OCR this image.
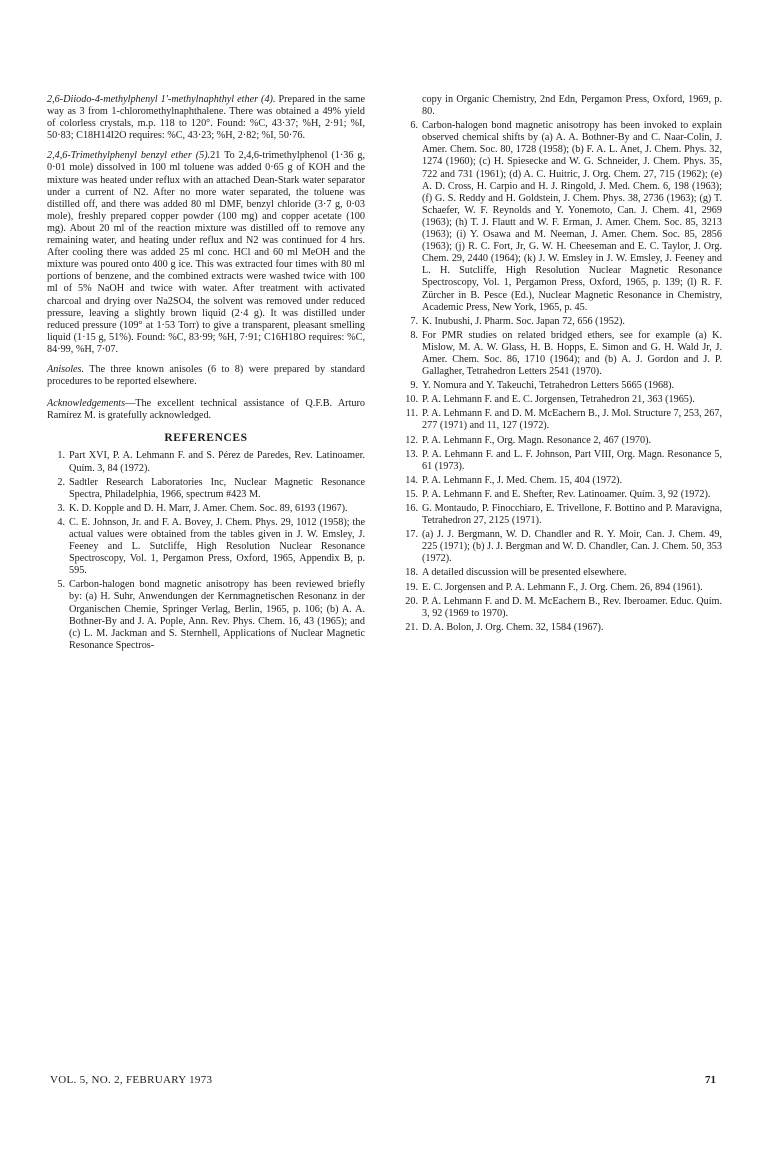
2,6-Diiodo-4-methylphenyl 1′-methylnaphthyl ether (4). Prepared in the same way as 3 from 1-chloromethylnaphthalene. There was obtained a 49% yield of colorless crystals, m.p. 118 to 120°. Found: %C, 43·37; %H, 2·91; %I, 50·83; C18H14I2O requires: %C, 43·23; %H, 2·82; %I, 50·76.

2,4,6-Trimethylphenyl benzyl ether (5).21 To 2,4,6-trimethylphenol (1·36 g, 0·01 mole) dissolved in 100 ml toluene was added 0·65 g of KOH and the mixture was heated under reflux with an attached Dean-Stark water separator under a current of N2. After no more water separated, the toluene was distilled off, and there was added 80 ml DMF, benzyl chloride (3·7 g, 0·03 mole), freshly prepared copper powder (100 mg) and copper acetate (100 mg). About 20 ml of the reaction mixture was distilled off to remove any remaining water, and heating under reflux and N2 was continued for 4 hrs. After cooling there was added 25 ml conc. HCl and 60 ml MeOH and the mixture was poured onto 400 g ice. This was extracted four times with 80 ml portions of benzene, and the combined extracts were washed twice with 100 ml of 5% NaOH and twice with water. After treatment with activated charcoal and drying over Na2SO4, the solvent was removed under reduced pressure, leaving a slightly brown liquid (2·4 g). It was distilled under reduced pressure (109° at 1·53 Torr) to give a transparent, pleasant smelling liquid (1·15 g, 51%). Found: %C, 83·99; %H, 7·91; C16H18O requires: %C, 84·99, %H, 7·07.

Anisoles. The three known anisoles (6 to 8) were prepared by standard procedures to be reported elsewhere.

Acknowledgements—The excellent technical assistance of Q.F.B. Arturo Ramírez M. is gratefully acknowledged.

REFERENCES
1. Part XVI, P. A. Lehmann F. and S. Pérez de Paredes, Rev. Latinoamer. Quím. 3, 84 (1972).
2. Sadtler Research Laboratories Inc, Nuclear Magnetic Resonance Spectra, Philadelphia, 1966, spectrum #423 M.
3. K. D. Kopple and D. H. Marr, J. Amer. Chem. Soc. 89, 6193 (1967).
4. C. E. Johnson, Jr. and F. A. Bovey, J. Chem. Phys. 29, 1012 (1958); the actual values were obtained from the tables given in J. W. Emsley, J. Feeney and L. Sutcliffe, High Resolution Nuclear Resonance Spectroscopy, Vol. 1, Pergamon Press, Oxford, 1965, Appendix B, p. 595.
5. Carbon-halogen bond magnetic anisotropy has been reviewed briefly by: (a) H. Suhr, Anwendungen der Kernmagnetischen Resonanz in der Organischen Chemie, Springer Verlag, Berlin, 1965, p. 106; (b) A. A. Bothner-By and J. A. Pople, Ann. Rev. Phys. Chem. 16, 43 (1965); and (c) L. M. Jackman and S. Sternhell, Applications of Nuclear Magnetic Resonance Spectros-
copy in Organic Chemistry, 2nd Edn, Pergamon Press, Oxford, 1969, p. 80.
6. Carbon-halogen bond magnetic anisotropy has been invoked to explain observed chemical shifts by (a) A. A. Bothner-By and C. Naar-Colin, J. Amer. Chem. Soc. 80, 1728 (1958); (b) F. A. L. Anet, J. Chem. Phys. 32, 1274 (1960); (c) H. Spiesecke and W. G. Schneider, J. Chem. Phys. 35, 722 and 731 (1961); (d) A. C. Huitric, J. Org. Chem. 27, 715 (1962); (e) A. D. Cross, H. Carpio and H. J. Ringold, J. Med. Chem. 6, 198 (1963); (f) G. S. Reddy and H. Goldstein, J. Chem. Phys. 38, 2736 (1963); (g) T. Schaefer, W. F. Reynolds and Y. Yonemoto, Can. J. Chem. 41, 2969 (1963); (h) T. J. Flautt and W. F. Erman, J. Amer. Chem. Soc. 85, 3213 (1963); (i) Y. Osawa and M. Neeman, J. Amer. Chem. Soc. 85, 2856 (1963); (j) R. C. Fort, Jr, G. W. H. Cheeseman and E. C. Taylor, J. Org. Chem. 29, 2440 (1964); (k) J. W. Emsley in J. W. Emsley, J. Feeney and L. H. Sutcliffe, High Resolution Nuclear Magnetic Resonance Spectroscopy, Vol. 1, Pergamon Press, Oxford, 1965, p. 139; (l) R. F. Zürcher in B. Pesce (Ed.), Nuclear Magnetic Resonance in Chemistry, Academic Press, New York, 1965, p. 45.
7. K. Inubushi, J. Pharm. Soc. Japan 72, 656 (1952).
8. For PMR studies on related bridged ethers, see for example (a) K. Mislow, M. A. W. Glass, H. B. Hopps, E. Simon and G. H. Wald Jr, J. Amer. Chem. Soc. 86, 1710 (1964); and (b) A. J. Gordon and J. P. Gallagher, Tetrahedron Letters 2541 (1970).
9. Y. Nomura and Y. Takeuchi, Tetrahedron Letters 5665 (1968).
10. P. A. Lehmann F. and E. C. Jorgensen, Tetrahedron 21, 363 (1965).
11. P. A. Lehmann F. and D. M. McEachern B., J. Mol. Structure 7, 253, 267, 277 (1971) and 11, 127 (1972).
12. P. A. Lehmann F., Org. Magn. Resonance 2, 467 (1970).
13. P. A. Lehmann F. and L. F. Johnson, Part VIII, Org. Magn. Resonance 5, 61 (1973).
14. P. A. Lehmann F., J. Med. Chem. 15, 404 (1972).
15. P. A. Lehmann F. and E. Shefter, Rev. Latinoamer. Quím. 3, 92 (1972).
16. G. Montaudo, P. Finocchiaro, E. Trivellone, F. Bottino and P. Maravigna, Tetrahedron 27, 2125 (1971).
17. (a) J. J. Bergmann, W. D. Chandler and R. Y. Moir, Can. J. Chem. 49, 225 (1971); (b) J. J. Bergman and W. D. Chandler, Can. J. Chem. 50, 353 (1972).
18. A detailed discussion will be presented elsewhere.
19. E. C. Jorgensen and P. A. Lehmann F., J. Org. Chem. 26, 894 (1961).
20. P. A. Lehmann F. and D. M. McEachern B., Rev. Iberoamer. Educ. Quím. 3, 92 (1969 to 1970).
21. D. A. Bolon, J. Org. Chem. 32, 1584 (1967).
VOL. 5, NO. 2, FEBRUARY 1973	71
